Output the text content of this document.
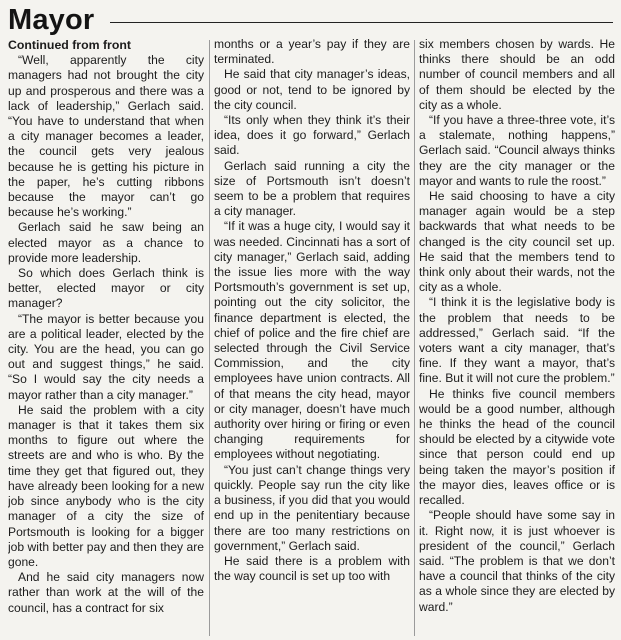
Mayor

Continued from front

“Well, apparently the city managers had not brought the city up and prosperous and there was a lack of leadership,” Gerlach said. “You have to understand that when a city manager becomes a leader, the council gets very jealous because he is getting his picture in the paper, he’s cutting ribbons because the mayor can’t go because he’s working.”

Gerlach said he saw being an elected mayor as a chance to provide more leadership.

So which does Gerlach think is better, elected mayor or city manager?

“The mayor is better because you are a political leader, elected by the city. You are the head, you can go out and suggest things,” he said. “So I would say the city needs a mayor rather than a city manager.”

He said the problem with a city manager is that it takes them six months to figure out where the streets are and who is who. By the time they get that figured out, they have already been looking for a new job since anybody who is the city manager of a city the size of Portsmouth is looking for a bigger job with better pay and then they are gone.

And he said city managers now rather than work at the will of the council, has a contract for six

months or a year’s pay if they are terminated.

He said that city manager’s ideas, good or not, tend to be ignored by the city council.

“Its only when they think it’s their idea, does it go forward,” Gerlach said.

Gerlach said running a city the size of Portsmouth isn’t doesn’t seem to be a problem that requires a city manager.

“If it was a huge city, I would say it was needed. Cincinnati has a sort of city manager,” Gerlach said, adding the issue lies more with the way Portsmouth’s government is set up, pointing out the city solicitor, the finance department is elected, the chief of police and the fire chief are selected through the Civil Service Commission, and the city employees have union contracts. All of that means the city head, mayor or city manager, doesn’t have much authority over hiring or firing or even changing requirements for employees without negotiating.

“You just can’t change things very quickly. People say run the city like a business, if you did that you would end up in the penitentiary because there are too many restrictions on government,” Gerlach said.

He said there is a problem with the way council is set up too with

six members chosen by wards. He thinks there should be an odd number of council members and all of them should be elected by the city as a whole.

“If you have a three-three vote, it’s a stalemate, nothing happens,” Gerlach said. “Council always thinks they are the city manager or the mayor and wants to rule the roost.”

He said choosing to have a city manager again would be a step backwards that what needs to be changed is the city council set up. He said that the members tend to think only about their wards, not the city as a whole.

“I think it is the legislative body is the problem that needs to be addressed,” Gerlach said. “If the voters want a city manager, that’s fine. If they want a mayor, that’s fine. But it will not cure the problem.”

He thinks five council members would be a good number, although he thinks the head of the council should be elected by a citywide vote since that person could end up being taken the mayor’s position if the mayor dies, leaves office or is recalled.

“People should have some say in it. Right now, it is just whoever is president of the council,” Gerlach said. “The problem is that we don’t have a council that thinks of the city as a whole since they are elected by ward.”
